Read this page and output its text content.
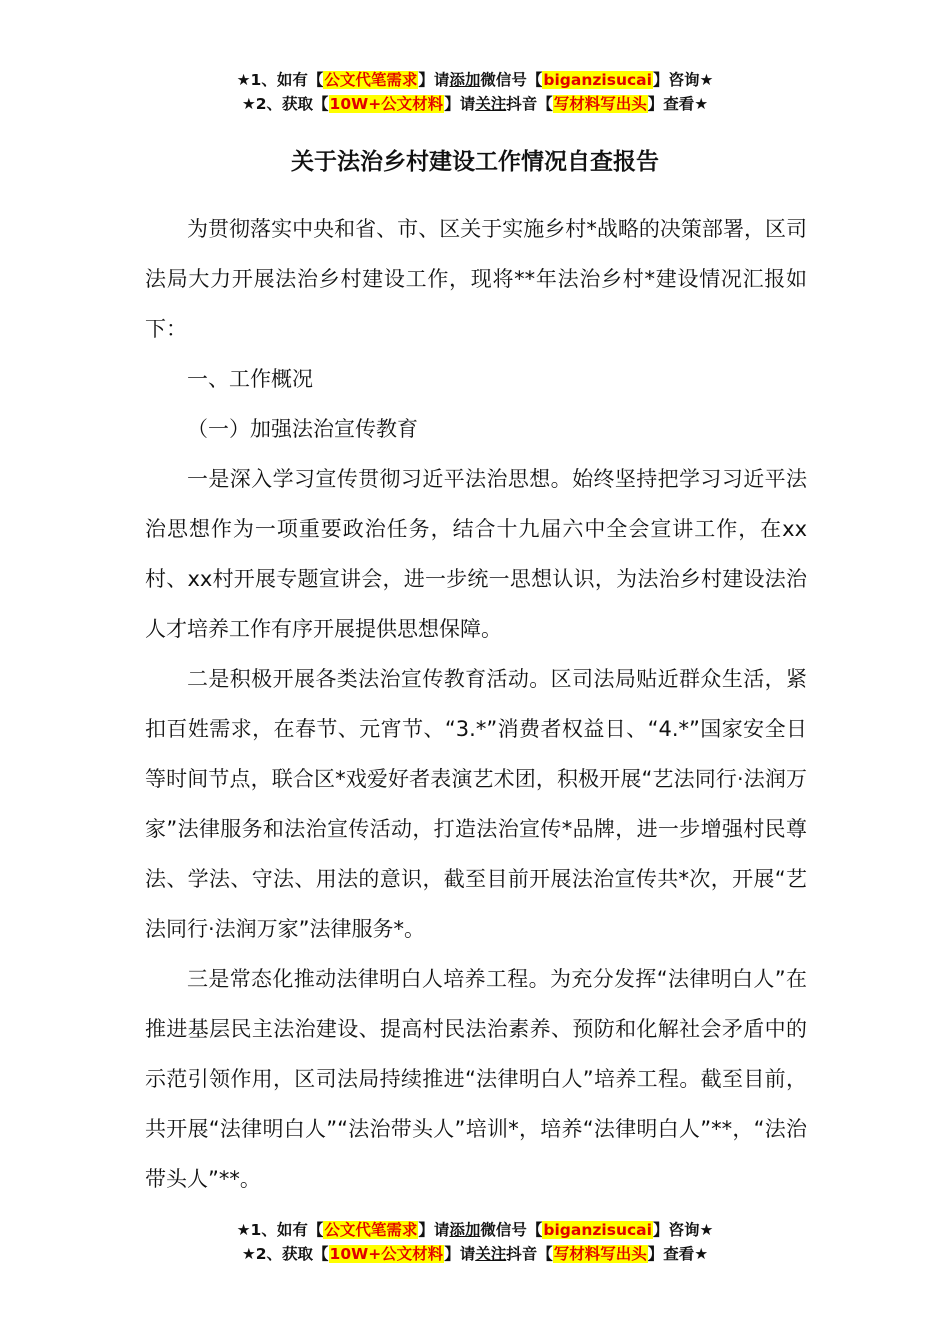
★1、如有【公文代笔需求】请添加微信号【biganzisucai】咨询★
★2、获取【10W+公文材料】请关注抖音【写材料写出头】查看★
关于法治乡村建设工作情况自查报告

为贯彻落实中央和省、市、区关于实施乡村*战略的决策部署，区司法局大力开展法治乡村建设工作，现将**年法治乡村*建设情况汇报如下：

一、工作概况

（一）加强法治宣传教育

一是深入学习宣传贯彻习近平法治思想。始终坚持把学习习近平法治思想作为一项重要政治任务，结合十九届六中全会宣讲工作，在xx村、xx村开展专题宣讲会，进一步统一思想认识，为法治乡村建设法治人才培养工作有序开展提供思想保障。

二是积极开展各类法治宣传教育活动。区司法局贴近群众生活，紧扣百姓需求，在春节、元宵节、“3.*”消费者权益日、“4.*”国家安全日等时间节点，联合区*戏爱好者表演艺术团，积极开展“艺法同行·法润万家”法律服务和法治宣传活动，打造法治宣传*品牌，进一步增强村民尊法、学法、守法、用法的意识，截至目前开展法治宣传共*次，开展“艺法同行·法润万家”法律服务*。

三是常态化推动法律明白人培养工程。为充分发挥“法律明白人”在推进基层民主法治建设、提高村民法治素养、预防和化解社会矛盾中的示范引领作用，区司法局持续推进“法律明白人”培养工程。截至目前，共开展“法律明白人”“法治带头人”培训*，培养“法律明白人”**，“法治带头人”**。

★1、如有【公文代笔需求】请添加微信号【biganzisucai】咨询★
★2、获取【10W+公文材料】请关注抖音【写材料写出头】查看★
